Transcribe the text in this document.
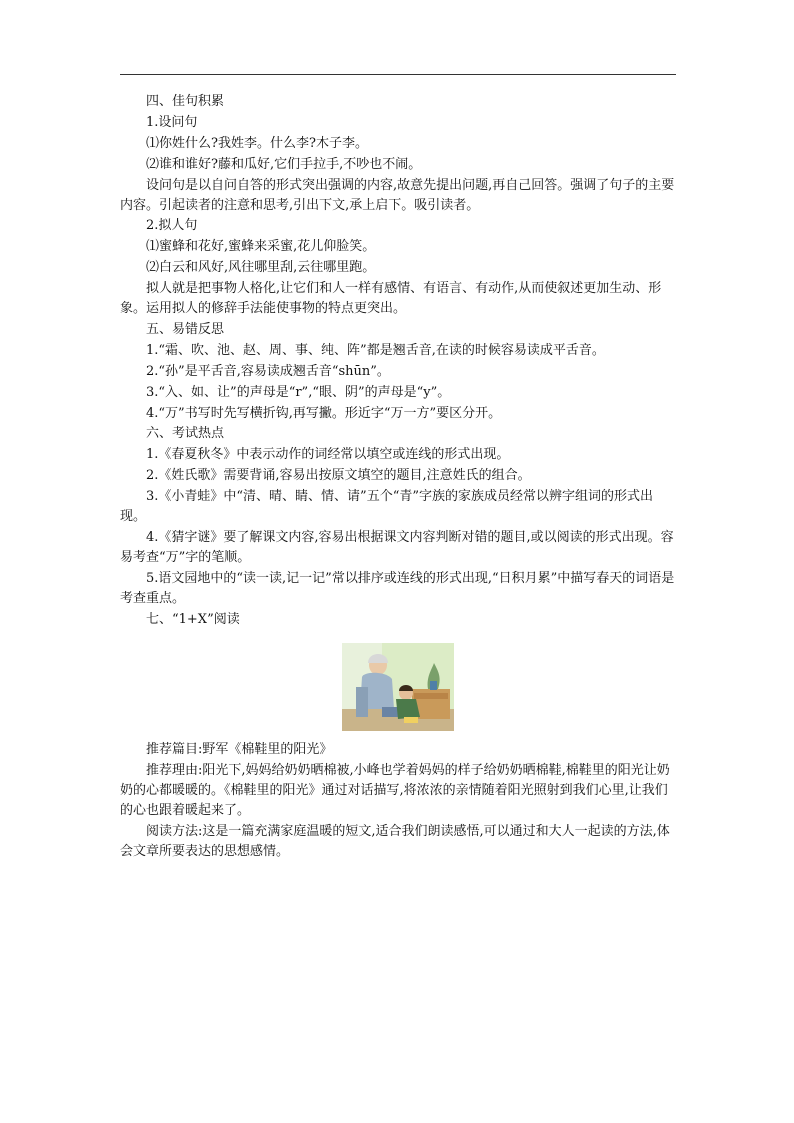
四、佳句积累

1.设问句

⑴你姓什么?我姓李。什么李?木子李。

⑵谁和谁好?藤和瓜好,它们手拉手,不吵也不闹。

设问句是以自问自答的形式突出强调的内容,故意先提出问题,再自己回答。强调了句子的主要内容。引起读者的注意和思考,引出下文,承上启下。吸引读者。

2.拟人句

⑴蜜蜂和花好,蜜蜂来采蜜,花儿仰脸笑。

⑵白云和风好,风往哪里刮,云往哪里跑。

拟人就是把事物人格化,让它们和人一样有感情、有语言、有动作,从而使叙述更加生动、形象。运用拟人的修辞手法能使事物的特点更突出。

五、易错反思

1.“霜、吹、池、赵、周、事、纯、阵”都是翘舌音,在读的时候容易读成平舌音。

2.“孙”是平舌音,容易读成翘舌音“shūn”。

3.“入、如、让”的声母是“r”,“眼、阴”的声母是“y”。

4.“万”书写时先写横折钩,再写撇。形近字“万一方”要区分开。

六、考试热点

1.《春夏秋冬》中表示动作的词经常以填空或连线的形式出现。

2.《姓氏歌》需要背诵,容易出按原文填空的题目,注意姓氏的组合。

3.《小青蛙》中“清、晴、睛、情、请”五个“青”字族的家族成员经常以辨字组词的形式出现。

4.《猜字谜》要了解课文内容,容易出根据课文内容判断对错的题目,或以阅读的形式出现。容易考查“万”字的笔顺。

5.语文园地中的“读一读,记一记”常以排序或连线的形式出现,“日积月累”中描写春天的词语是考查重点。

七、“1+X”阅读

推荐篇目:野军《棉鞋里的阳光》

推荐理由:阳光下,妈妈给奶奶晒棉被,小峰也学着妈妈的样子给奶奶晒棉鞋,棉鞋里的阳光让奶奶的心都暖暖的。《棉鞋里的阳光》通过对话描写,将浓浓的亲情随着阳光照射到我们心里,让我们的心也跟着暖起来了。

阅读方法:这是一篇充满家庭温暖的短文,适合我们朗读感悟,可以通过和大人一起读的方法,体会文章所要表达的思想感情。
